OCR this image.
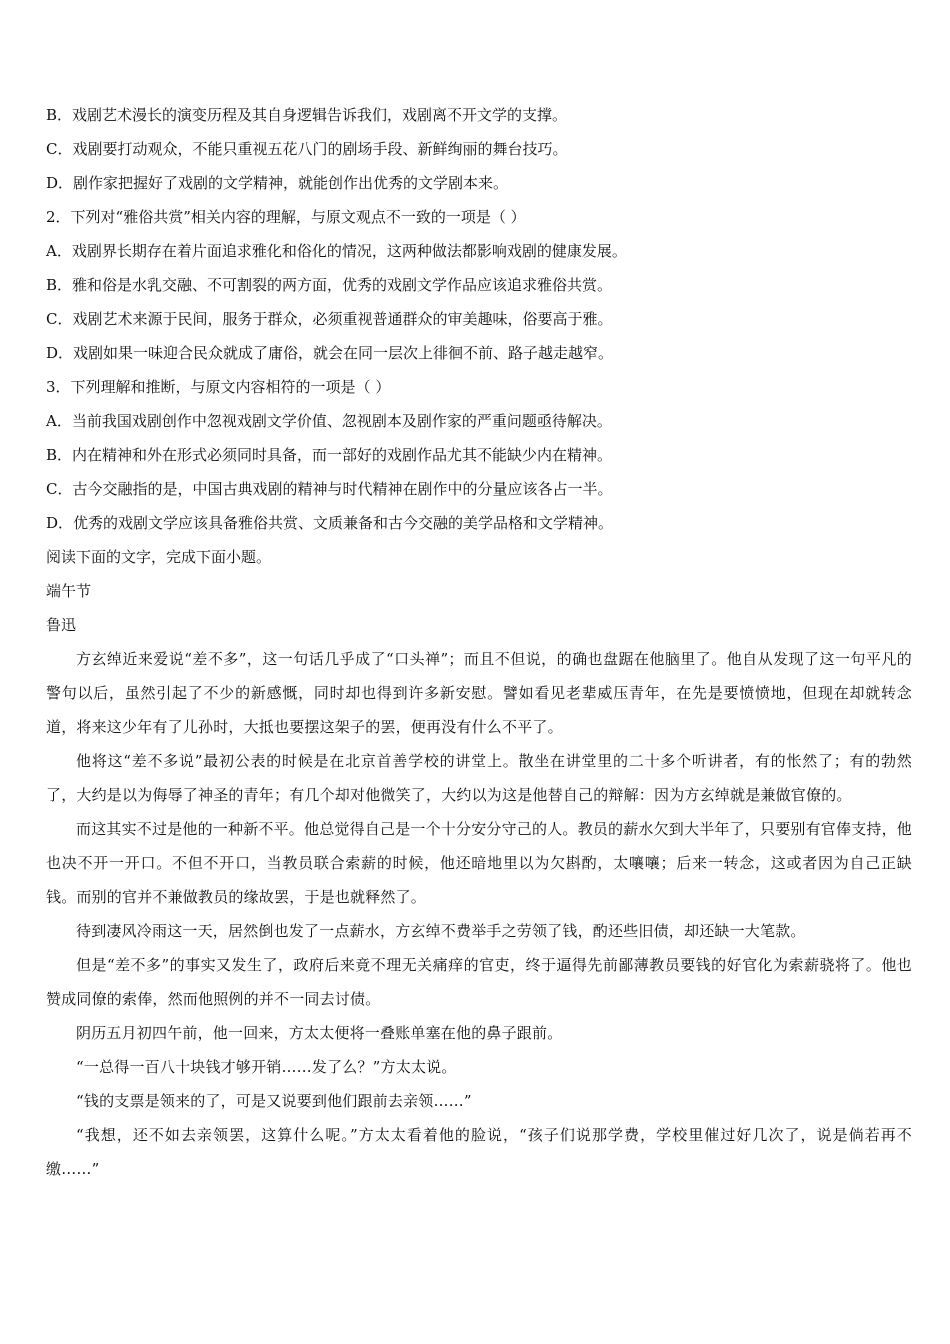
B．戏剧艺术漫长的演变历程及其自身逻辑告诉我们，戏剧离不开文学的支撑。
C．戏剧要打动观众，不能只重视五花八门的剧场手段、新鲜绚丽的舞台技巧。
D．剧作家把握好了戏剧的文学精神，就能创作出优秀的文学剧本来。
2．下列对“雅俗共赏”相关内容的理解，与原文观点不一致的一项是（ ）
A．戏剧界长期存在着片面追求雅化和俗化的情况，这两种做法都影响戏剧的健康发展。
B．雅和俗是水乳交融、不可割裂的两方面，优秀的戏剧文学作品应该追求雅俗共赏。
C．戏剧艺术来源于民间，服务于群众，必须重视普通群众的审美趣味，俗要高于雅。
D．戏剧如果一味迎合民众就成了庸俗，就会在同一层次上徘徊不前、路子越走越窄。
3．下列理解和推断，与原文内容相符的一项是（ ）
A．当前我国戏剧创作中忽视戏剧文学价值、忽视剧本及剧作家的严重问题亟待解决。
B．内在精神和外在形式必须同时具备，而一部好的戏剧作品尤其不能缺少内在精神。
C．古今交融指的是，中国古典戏剧的精神与时代精神在剧作中的分量应该各占一半。
D．优秀的戏剧文学应该具备雅俗共赏、文质兼备和古今交融的美学品格和文学精神。
阅读下面的文字，完成下面小题。
端午节
鲁迅
方玄绰近来爱说“差不多”，这一句话几乎成了“口头禅”；而且不但说，的确也盘踞在他脑里了。他自从发现了这一句平凡的警句以后，虽然引起了不少的新感慨，同时却也得到许多新安慰。譬如看见老辈威压青年，在先是要愤愤地，但现在却就转念道，将来这少年有了儿孙时，大抵也要摆这架子的罢，便再没有什么不平了。
他将这“差不多说”最初公表的时候是在北京首善学校的讲堂上。散坐在讲堂里的二十多个听讲者，有的怅然了；有的勃然了，大约是以为侮辱了神圣的青年；有几个却对他微笑了，大约以为这是他替自己的辩解：因为方玄绰就是兼做官僚的。
而这其实不过是他的一种新不平。他总觉得自己是一个十分安分守己的人。教员的薪水欠到大半年了，只要别有官俸支持，他也决不开一开口。不但不开口，当教员联合索薪的时候，他还暗地里以为欠斟酌，太嚷嚷；后来一转念，这或者因为自己正缺钱。而别的官并不兼做教员的缘故罢，于是也就释然了。
待到凄风冷雨这一天，居然倒也发了一点薪水，方玄绰不费举手之劳领了钱，酌还些旧债，却还缺一大笔款。
但是“差不多”的事实又发生了，政府后来竟不理无关痛痒的官吏，终于逼得先前鄙薄教员要钱的好官化为索薪骁将了。他也赞成同僚的索俸，然而他照例的并不一同去讨债。
阴历五月初四午前，他一回来，方太太便将一叠账单塞在他的鼻子跟前。
“一总得一百八十块钱才够开销……发了么？”方太太说。
“钱的支票是领来的了，可是又说要到他们跟前去亲领……”
“我想，还不如去亲领罢，这算什么呢。”方太太看着他的脸说，“孩子们说那学费，学校里催过好几次了，说是倘若再不缴……”
